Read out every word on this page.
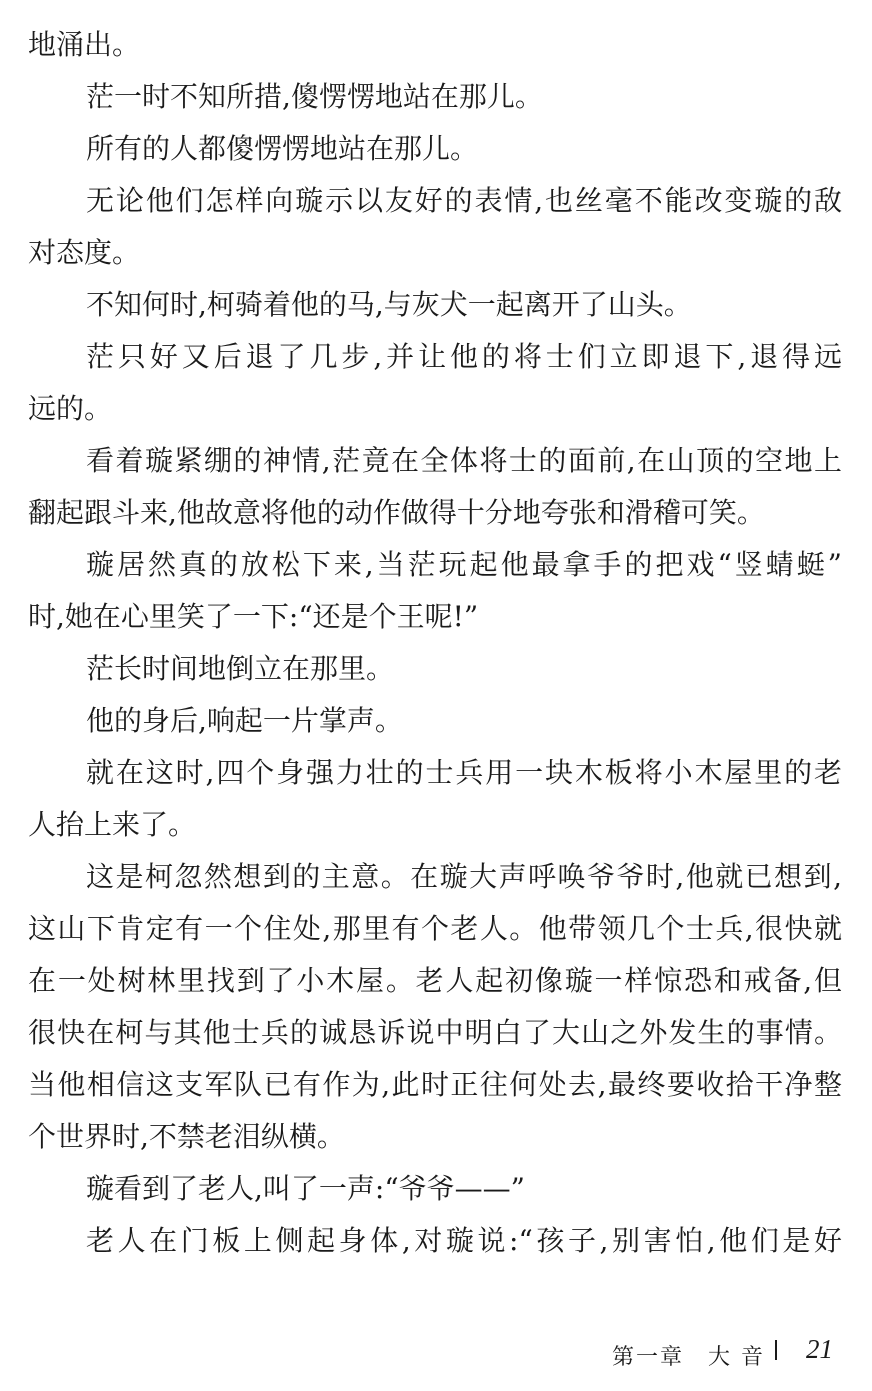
地涌出。
茫一时不知所措,傻愣愣地站在那儿。
所有的人都傻愣愣地站在那儿。
无论他们怎样向璇示以友好的表情,也丝毫不能改变璇的敌
对态度。
不知何时,柯骑着他的马,与灰犬一起离开了山头。
茫只好又后退了几步,并让他的将士们立即退下,退得远
远的。
看着璇紧绷的神情,茫竟在全体将士的面前,在山顶的空地上
翻起跟斗来,他故意将他的动作做得十分地夸张和滑稽可笑。
璇居然真的放松下来,当茫玩起他最拿手的把戏“竖蜻蜓”
时,她在心里笑了一下:“还是个王呢!”
茫长时间地倒立在那里。
他的身后,响起一片掌声。
就在这时,四个身强力壮的士兵用一块木板将小木屋里的老
人抬上来了。
这是柯忽然想到的主意。在璇大声呼唤爷爷时,他就已想到,
这山下肯定有一个住处,那里有个老人。他带领几个士兵,很快就
在一处树林里找到了小木屋。老人起初像璇一样惊恐和戒备,但
很快在柯与其他士兵的诚恳诉说中明白了大山之外发生的事情。
当他相信这支军队已有作为,此时正往何处去,最终要收拾干净整
个世界时,不禁老泪纵横。
璇看到了老人,叫了一声:“爷爷——”
老人在门板上侧起身体,对璇说:“孩子,别害怕,他们是好
第一章　大 音 21
